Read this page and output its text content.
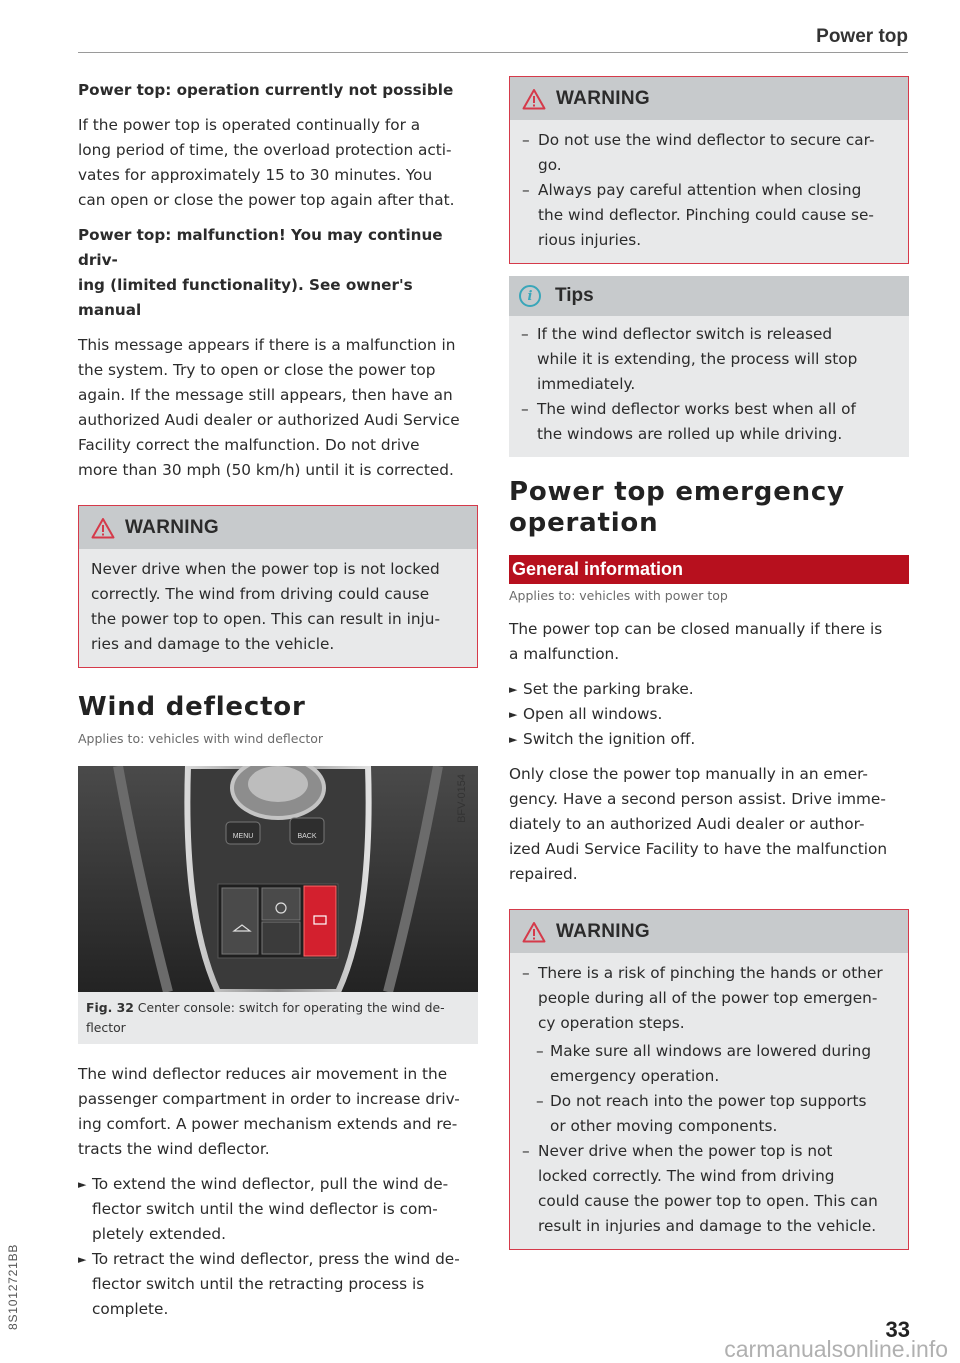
Power top
Power top: operation currently not possible
If the power top is operated continually for a
long period of time, the overload protection acti-
vates for approximately 15 to 30 minutes. You
can open or close the power top again after that.
Power top: malfunction! You may continue driv-
ing (limited functionality). See owner's manual
This message appears if there is a malfunction in
the system. Try to open or close the power top
again. If the message still appears, then have an
authorized Audi dealer or authorized Audi Service
Facility correct the malfunction. Do not drive
more than 30 mph (50 km/h) until it is corrected.
WARNING
Never drive when the power top is not locked
correctly. The wind from driving could cause
the power top to open. This can result in inju-
ries and damage to the vehicle.
Wind deflector
Applies to: vehicles with wind deflector
MENU	BACK
BFV-0154
Fig. 32 Center console: switch for operating the wind de-
flector
The wind deflector reduces air movement in the
passenger compartment in order to increase driv-
ing comfort. A power mechanism extends and re-
tracts the wind deflector.
► To extend the wind deflector, pull the wind de-
flector switch until the wind deflector is com-
pletely extended.
► To retract the wind deflector, press the wind de-
flector switch until the retracting process is
complete.
WARNING
– Do not use the wind deflector to secure car-
go.
– Always pay careful attention when closing
the wind deflector. Pinching could cause se-
rious injuries.
i	Tips
– If the wind deflector switch is released
while it is extending, the process will stop
immediately.
– The wind deflector works best when all of
the windows are rolled up while driving.
Power top emergency
operation
General information
Applies to: vehicles with power top
The power top can be closed manually if there is
a malfunction.
► Set the parking brake.
► Open all windows.
► Switch the ignition off.
Only close the power top manually in an emer-
gency. Have a second person assist. Drive imme-
diately to an authorized Audi dealer or author-
ized Audi Service Facility to have the malfunction
repaired.
WARNING
– There is a risk of pinching the hands or other
people during all of the power top emergen-
cy operation steps.
– Make sure all windows are lowered during
emergency operation.
– Do not reach into the power top supports
or other moving components.
– Never drive when the power top is not
locked correctly. The wind from driving
could cause the power top to open. This can
result in injuries and damage to the vehicle.
8S1012721BB	33
carmanualsonline.info
